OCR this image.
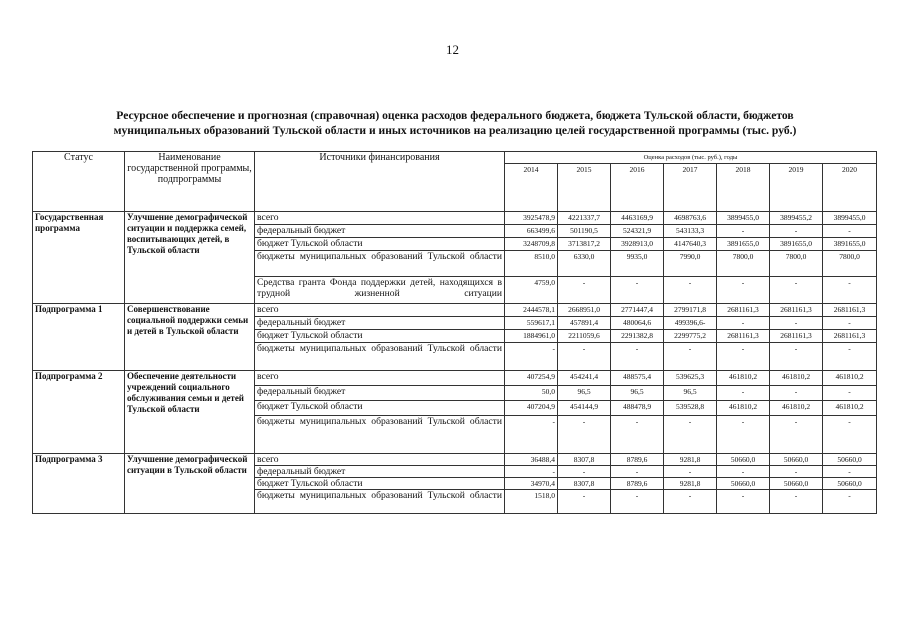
12
Ресурсное обеспечение и прогнозная (справочная) оценка расходов федерального бюджета, бюджета Тульской области, бюджетов
муниципальных образований Тульской области и иных источников на реализацию целей государственной программы (тыс. руб.)
Статус	Наименование государственной программы, подпрограммы	Источники финансирования	Оценка расходов (тыс. руб.), годы						
			2014	2015	2016	2017	2018	2019	2020
Государственная программа	Улучшение демографической ситуации и поддержка семей, воспитывающих детей, в Тульской области	всего	3925478,9	4221337,7	4463169,9	4698763,6	3899455,0	3899455,2	3899455,0
		федеральный бюджет	663499,6	501190,5	524321,9	543133,3	-	-	-
		бюджет Тульской области	3248709,8	3713817,2	3928913,0	4147640,3	3891655,0	3891655,0	3891655,0
		бюджеты муниципальных образований Тульской области	8510,0	6330,0	9935,0	7990,0	7800,0	7800,0	7800,0
		Средства гранта Фонда поддержки детей, находящихся в трудной жизненной ситуации	4759,0	-	-	-	-	-	-
Подпрограмма 1	Совершенствование социальной поддержки семьи и детей в Тульской области	всего	2444578,1	2668951,0	2771447,4	2799171,8	2681161,3	2681161,3	2681161,3
		федеральный бюджет	559617,1	457891,4	480064,6	499396,6-	-	-	-
		бюджет Тульской области	1884961,0	2211059,6	2291382,8	2299775,2	2681161,3	2681161,3	2681161,3
		бюджеты муниципальных образований Тульской области	-	-	-	-	-	-	-
Подпрограмма 2	Обеспечение деятельности учреждений социального обслуживания семьи и детей Тульской области	всего	407254,9	454241,4	488575,4	539625,3	461810,2	461810,2	461810,2
		федеральный бюджет	50,0	96,5	96,5	96,5	-	-	-
		бюджет Тульской области	407204,9	454144,9	488478,9	539528,8	461810,2	461810,2	461810,2
		бюджеты муниципальных образований Тульской области	-	-	-	-	-	-	-
Подпрограмма 3	Улучшение демографической ситуации в Тульской области	всего	36488,4	8307,8	8789,6	9281,8	50660,0	50660,0	50660,0
		федеральный бюджет	-	-	-	-	-	-	-
		бюджет Тульской области	34970,4	8307,8	8789,6	9281,8	50660,0	50660,0	50660,0
		бюджеты муниципальных образований Тульской области	1518,0	-	-	-	-	-	-
